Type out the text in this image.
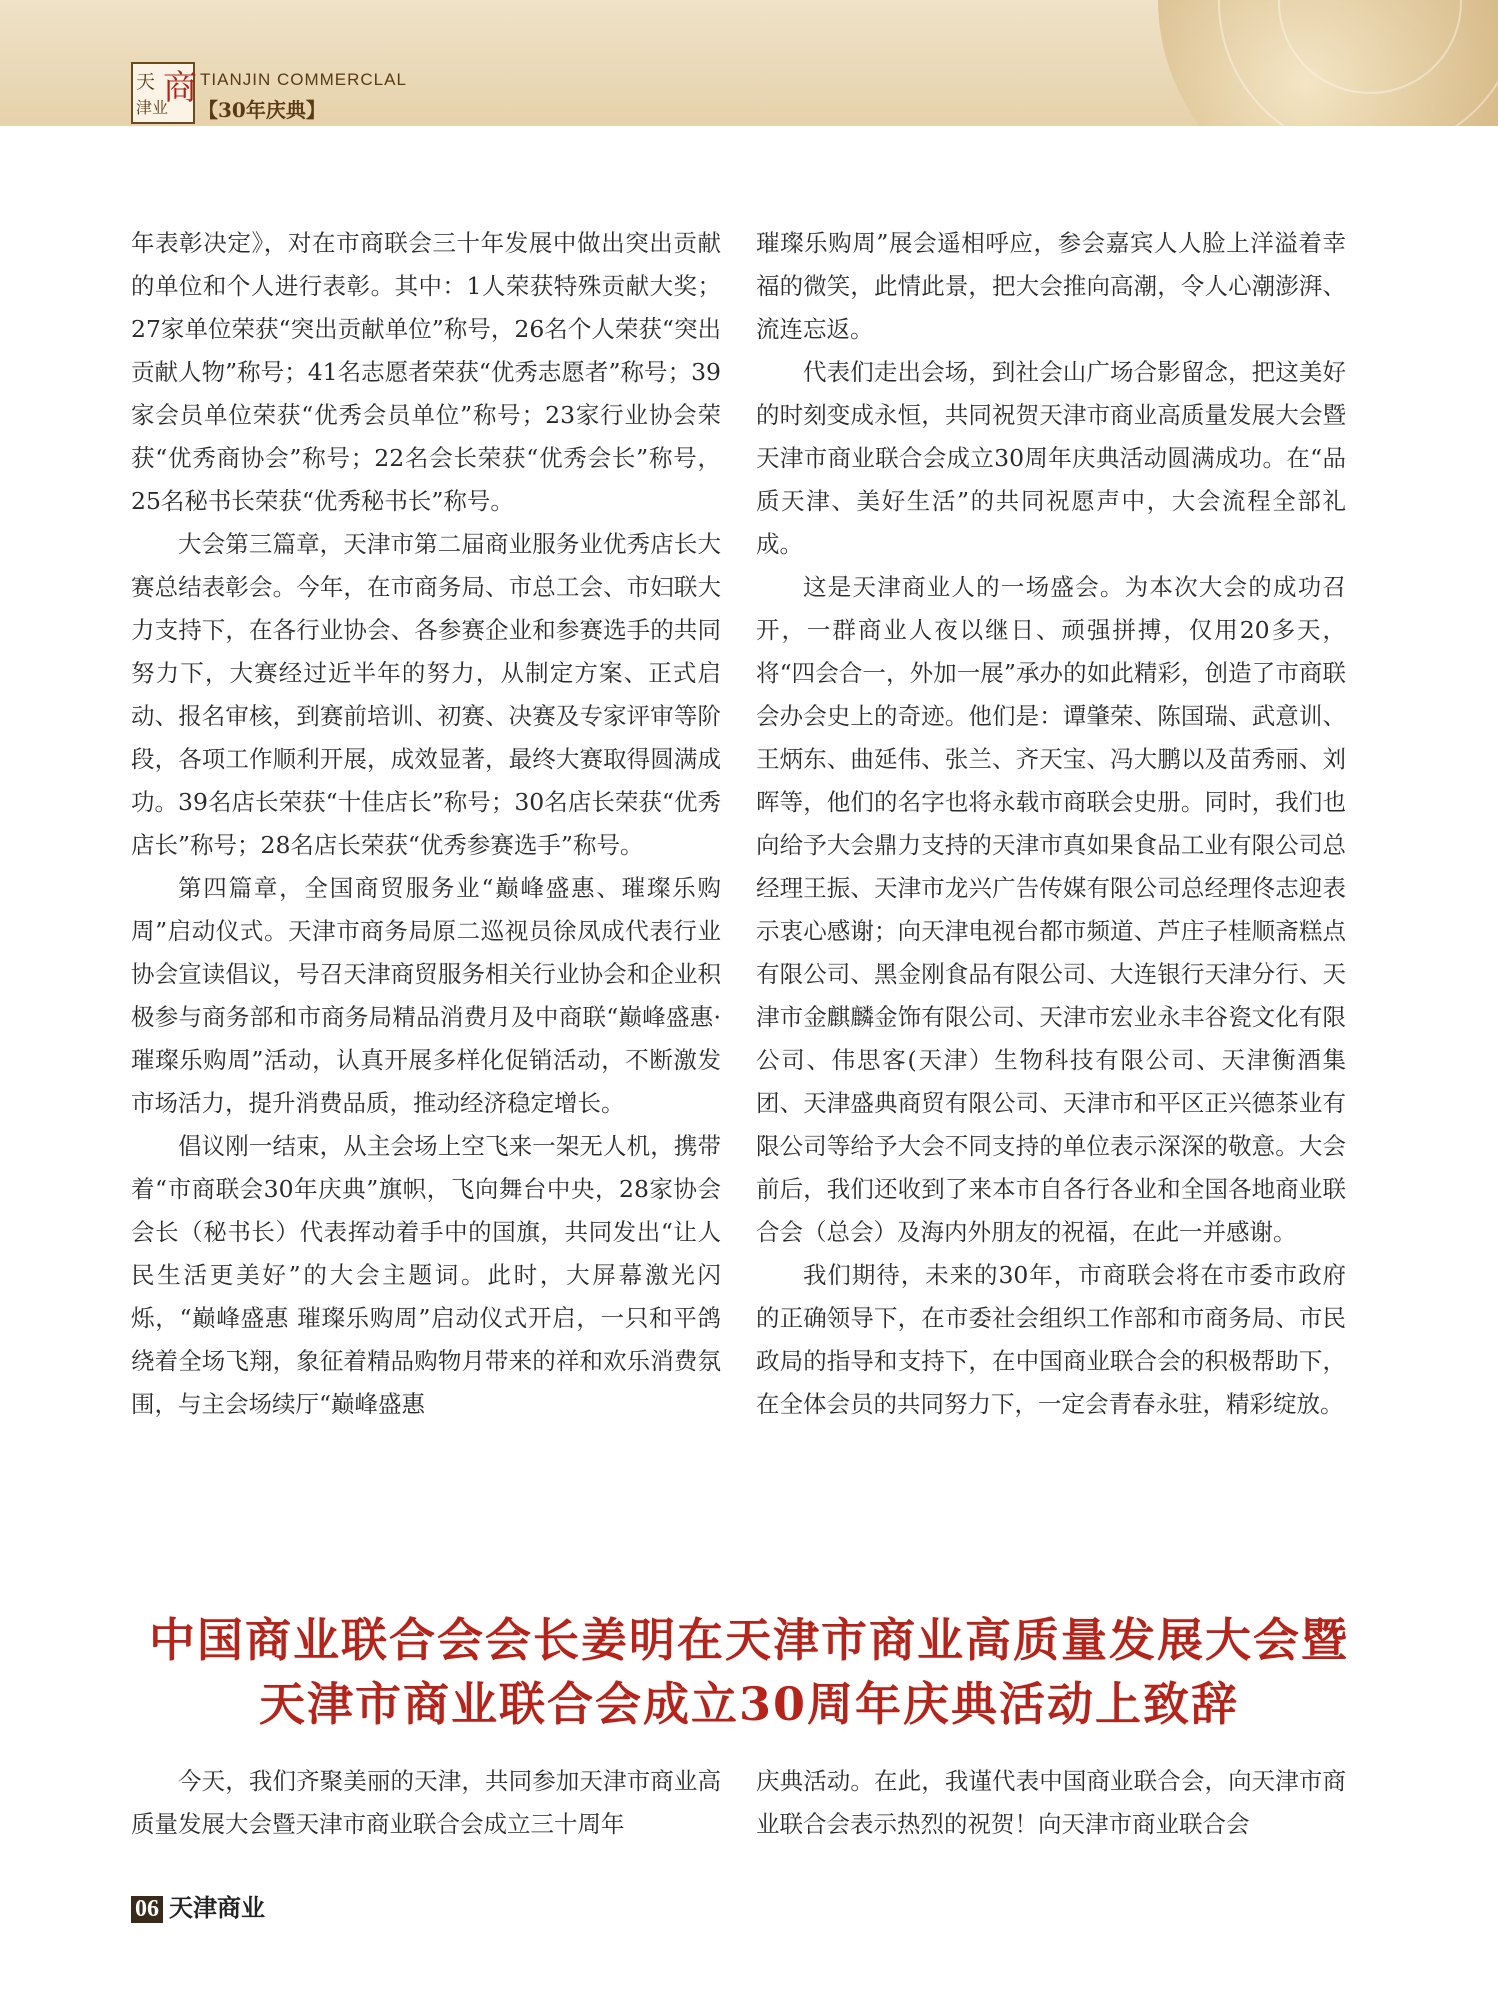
天
津业
商 TIANJIN COMMERCLAL
【30年庆典】

年表彰决定》，对在市商联会三十年发展中做出突出贡献的单位和个人进行表彰。其中：1人荣获特殊贡献大奖；27家单位荣获“突出贡献单位”称号，26名个人荣获“突出贡献人物”称号；41名志愿者荣获“优秀志愿者”称号；39家会员单位荣获“优秀会员单位”称号；23家行业协会荣获“优秀商协会”称号；22名会长荣获“优秀会长”称号，25名秘书长荣获“优秀秘书长”称号。

大会第三篇章，天津市第二届商业服务业优秀店长大赛总结表彰会。今年，在市商务局、市总工会、市妇联大力支持下，在各行业协会、各参赛企业和参赛选手的共同努力下，大赛经过近半年的努力，从制定方案、正式启动、报名审核，到赛前培训、初赛、决赛及专家评审等阶段，各项工作顺利开展，成效显著，最终大赛取得圆满成功。39名店长荣获“十佳店长”称号；30名店长荣获“优秀店长”称号；28名店长荣获“优秀参赛选手”称号。

第四篇章，全国商贸服务业“巅峰盛惠、璀璨乐购周”启动仪式。天津市商务局原二巡视员徐凤成代表行业协会宣读倡议，号召天津商贸服务相关行业协会和企业积极参与商务部和市商务局精品消费月及中商联“巅峰盛惠·璀璨乐购周”活动，认真开展多样化促销活动，不断激发市场活力，提升消费品质，推动经济稳定增长。

倡议刚一结束，从主会场上空飞来一架无人机，携带着“市商联会30年庆典”旗帜，飞向舞台中央，28家协会会长（秘书长）代表挥动着手中的国旗，共同发出“让人民生活更美好”的大会主题词。此时，大屏幕激光闪烁，“巅峰盛惠 璀璨乐购周”启动仪式开启，一只和平鸽绕着全场飞翔，象征着精品购物月带来的祥和欢乐消费氛围，与主会场续厅“巅峰盛惠

璀璨乐购周”展会遥相呼应，参会嘉宾人人脸上洋溢着幸福的微笑，此情此景，把大会推向高潮，令人心潮澎湃、流连忘返。

代表们走出会场，到社会山广场合影留念，把这美好的时刻变成永恒，共同祝贺天津市商业高质量发展大会暨天津市商业联合会成立30周年庆典活动圆满成功。在“品质天津、美好生活”的共同祝愿声中，大会流程全部礼成。

这是天津商业人的一场盛会。为本次大会的成功召开，一群商业人夜以继日、顽强拼搏，仅用20多天，将“四会合一，外加一展”承办的如此精彩，创造了市商联会办会史上的奇迹。他们是：谭肇荣、陈国瑞、武意训、王炳东、曲延伟、张兰、齐天宝、冯大鹏以及苗秀丽、刘晖等，他们的名字也将永载市商联会史册。同时，我们也向给予大会鼎力支持的天津市真如果食品工业有限公司总经理王振、天津市龙兴广告传媒有限公司总经理佟志迎表示衷心感谢；向天津电视台都市频道、芦庄子桂顺斋糕点有限公司、黑金刚食品有限公司、大连银行天津分行、天津市金麒麟金饰有限公司、天津市宏业永丰谷瓷文化有限公司、伟思客(天津）生物科技有限公司、天津衡酒集团、天津盛典商贸有限公司、天津市和平区正兴德茶业有限公司等给予大会不同支持的单位表示深深的敬意。大会前后，我们还收到了来本市自各行各业和全国各地商业联合会（总会）及海内外朋友的祝福，在此一并感谢。

我们期待，未来的30年，市商联会将在市委市政府的正确领导下，在市委社会组织工作部和市商务局、市民政局的指导和支持下，在中国商业联合会的积极帮助下，在全体会员的共同努力下，一定会青春永驻，精彩绽放。

中国商业联合会会长姜明在天津市商业高质量发展大会暨
天津市商业联合会成立30周年庆典活动上致辞

今天，我们齐聚美丽的天津，共同参加天津市商业高质量发展大会暨天津市商业联合会成立三十周年

庆典活动。在此，我谨代表中国商业联合会，向天津市商业联合会表示热烈的祝贺！向天津市商业联合会

06 天津商业
